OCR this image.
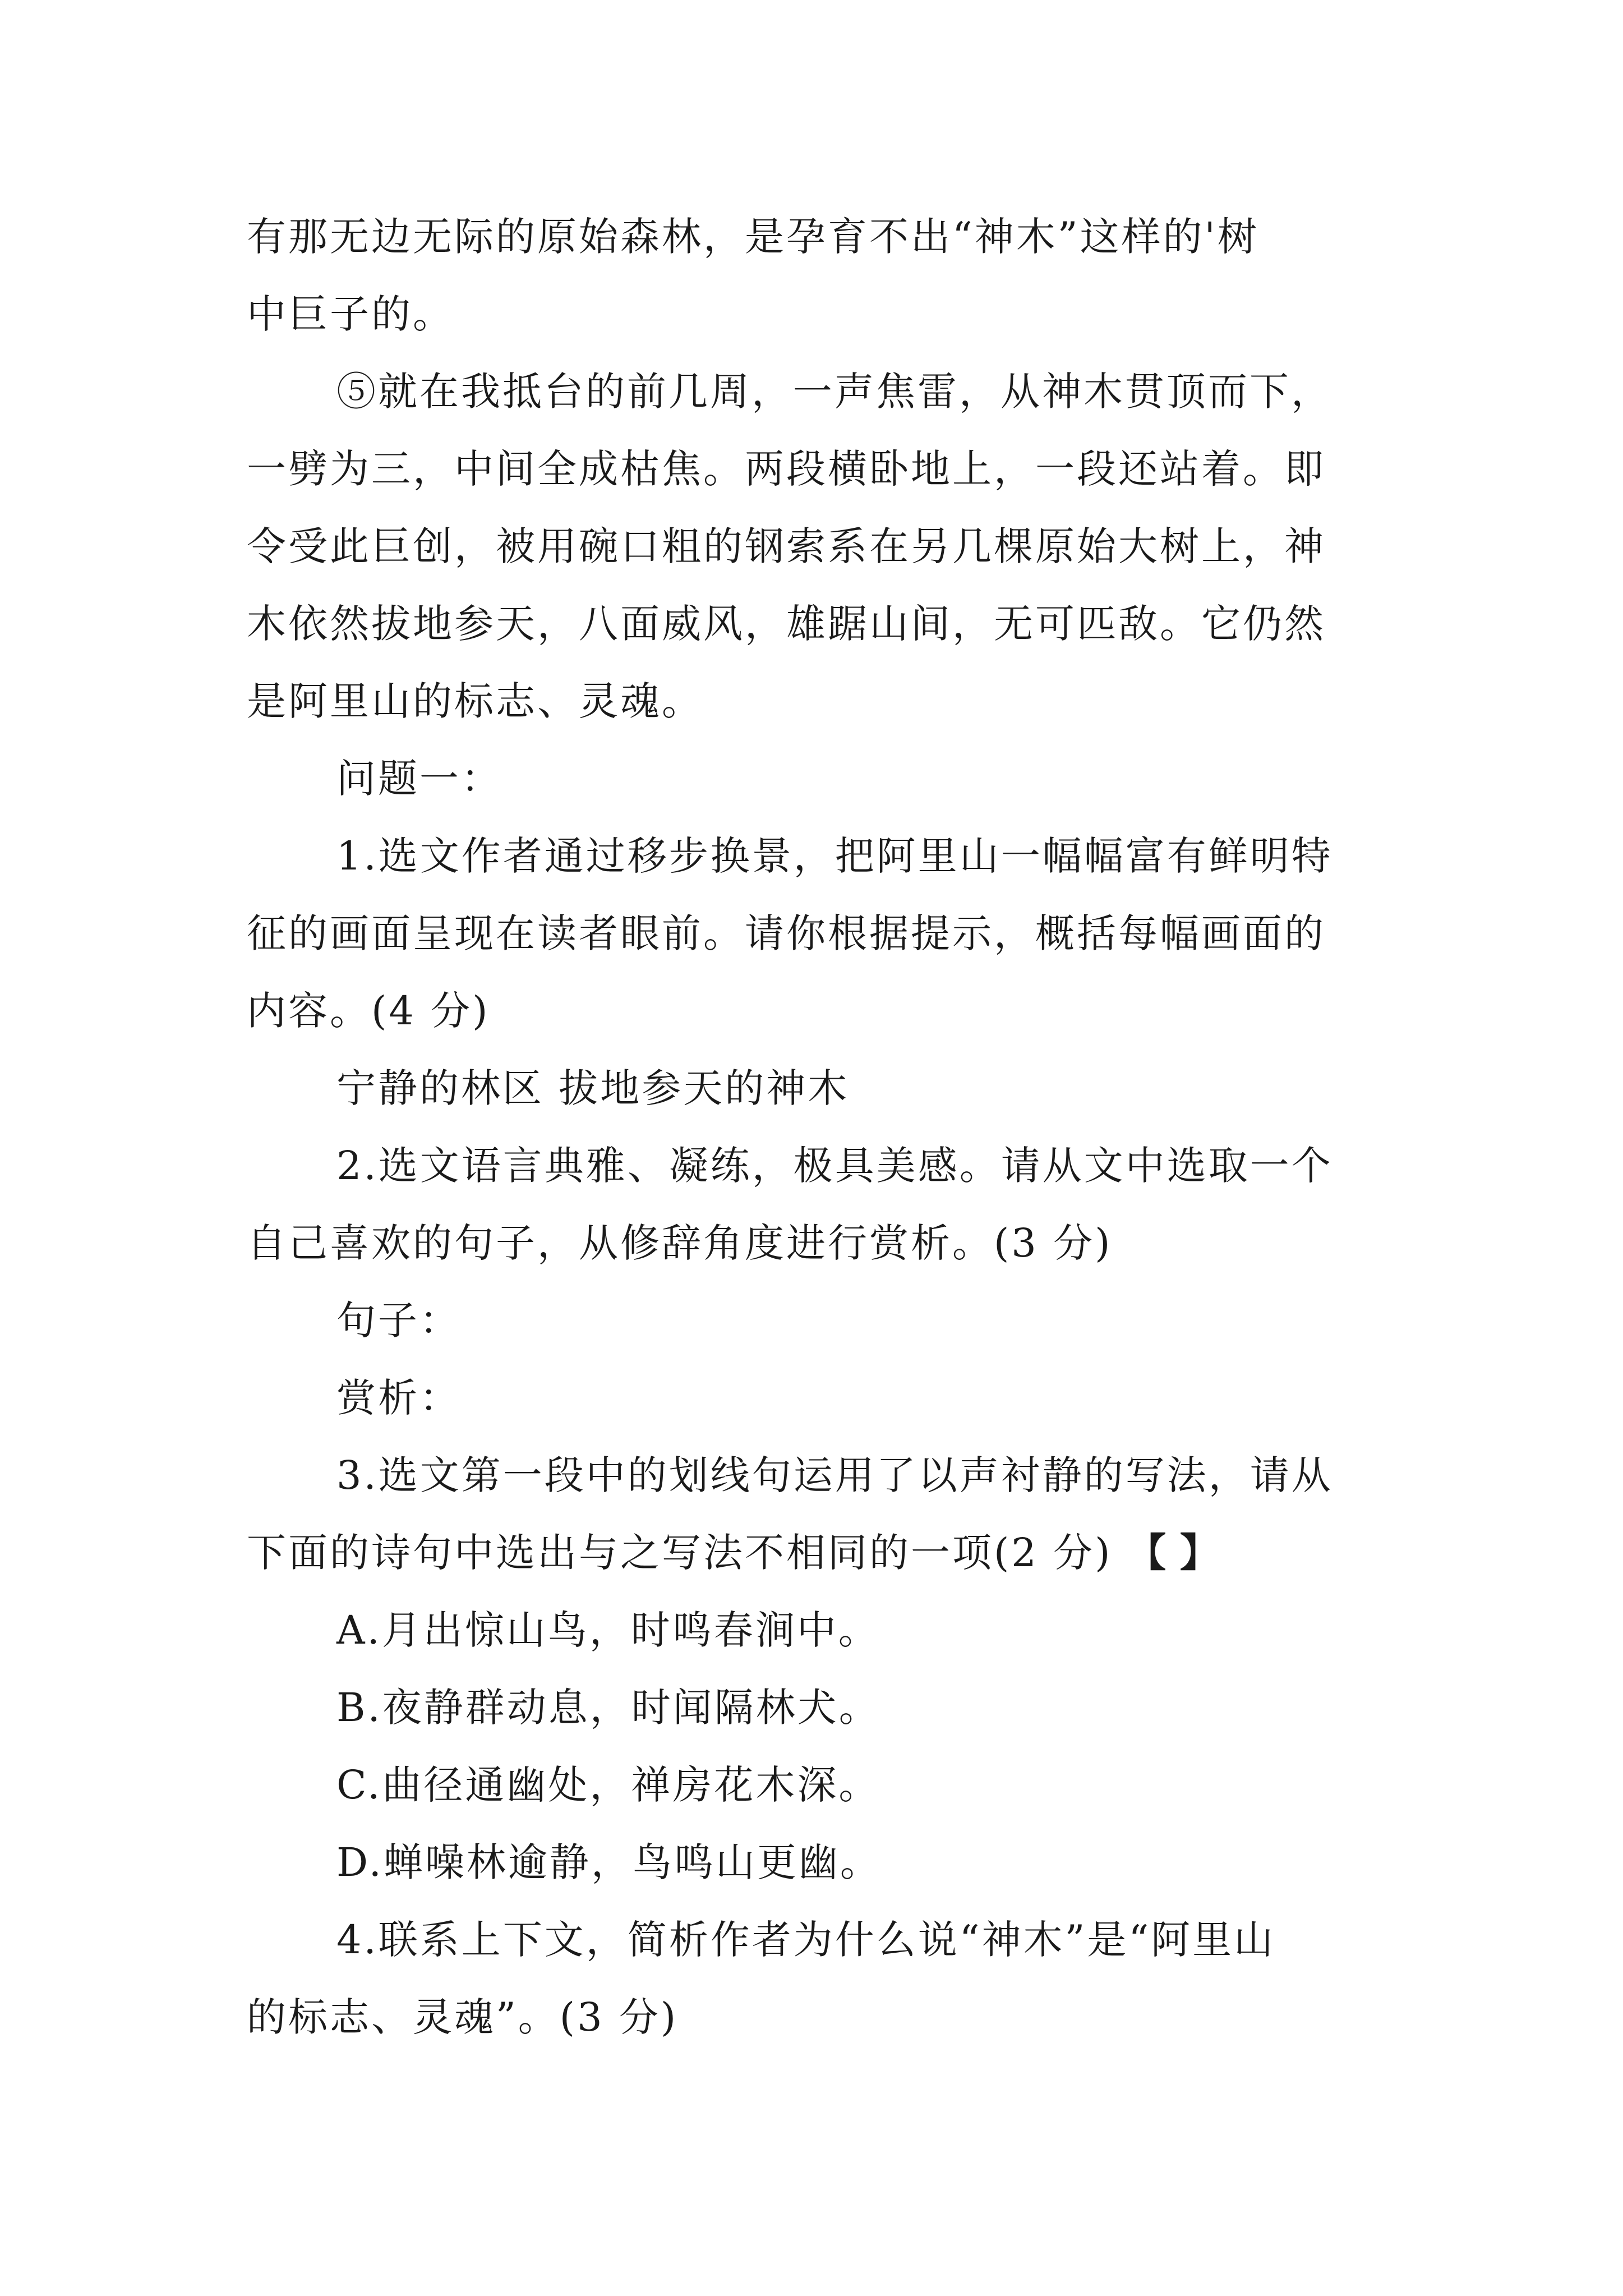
有那无边无际的原始森林，是孕育不出“神木”这样的'树
中巨子的。
⑤就在我抵台的前几周，一声焦雷，从神木贯顶而下，
一劈为三，中间全成枯焦。两段横卧地上，一段还站着。即
令受此巨创，被用碗口粗的钢索系在另几棵原始大树上，神
木依然拔地参天，八面威风，雄踞山间，无可匹敌。它仍然
是阿里山的标志、灵魂。
问题一：
1.选文作者通过移步换景，把阿里山一幅幅富有鲜明特
征的画面呈现在读者眼前。请你根据提示，概括每幅画面的
内容。(4 分)
宁静的林区 拔地参天的神木
2.选文语言典雅、凝练，极具美感。请从文中选取一个
自己喜欢的句子，从修辞角度进行赏析。(3 分)
句子：
赏析：
3.选文第一段中的划线句运用了以声衬静的写法，请从
下面的诗句中选出与之写法不相同的一项(2 分) 【 】
A.月出惊山鸟，时鸣春涧中。
B.夜静群动息，时闻隔林犬。
C.曲径通幽处，禅房花木深。
D.蝉噪林逾静，鸟鸣山更幽。
4.联系上下文，简析作者为什么说“神木”是“阿里山
的标志、灵魂”。(3 分)
